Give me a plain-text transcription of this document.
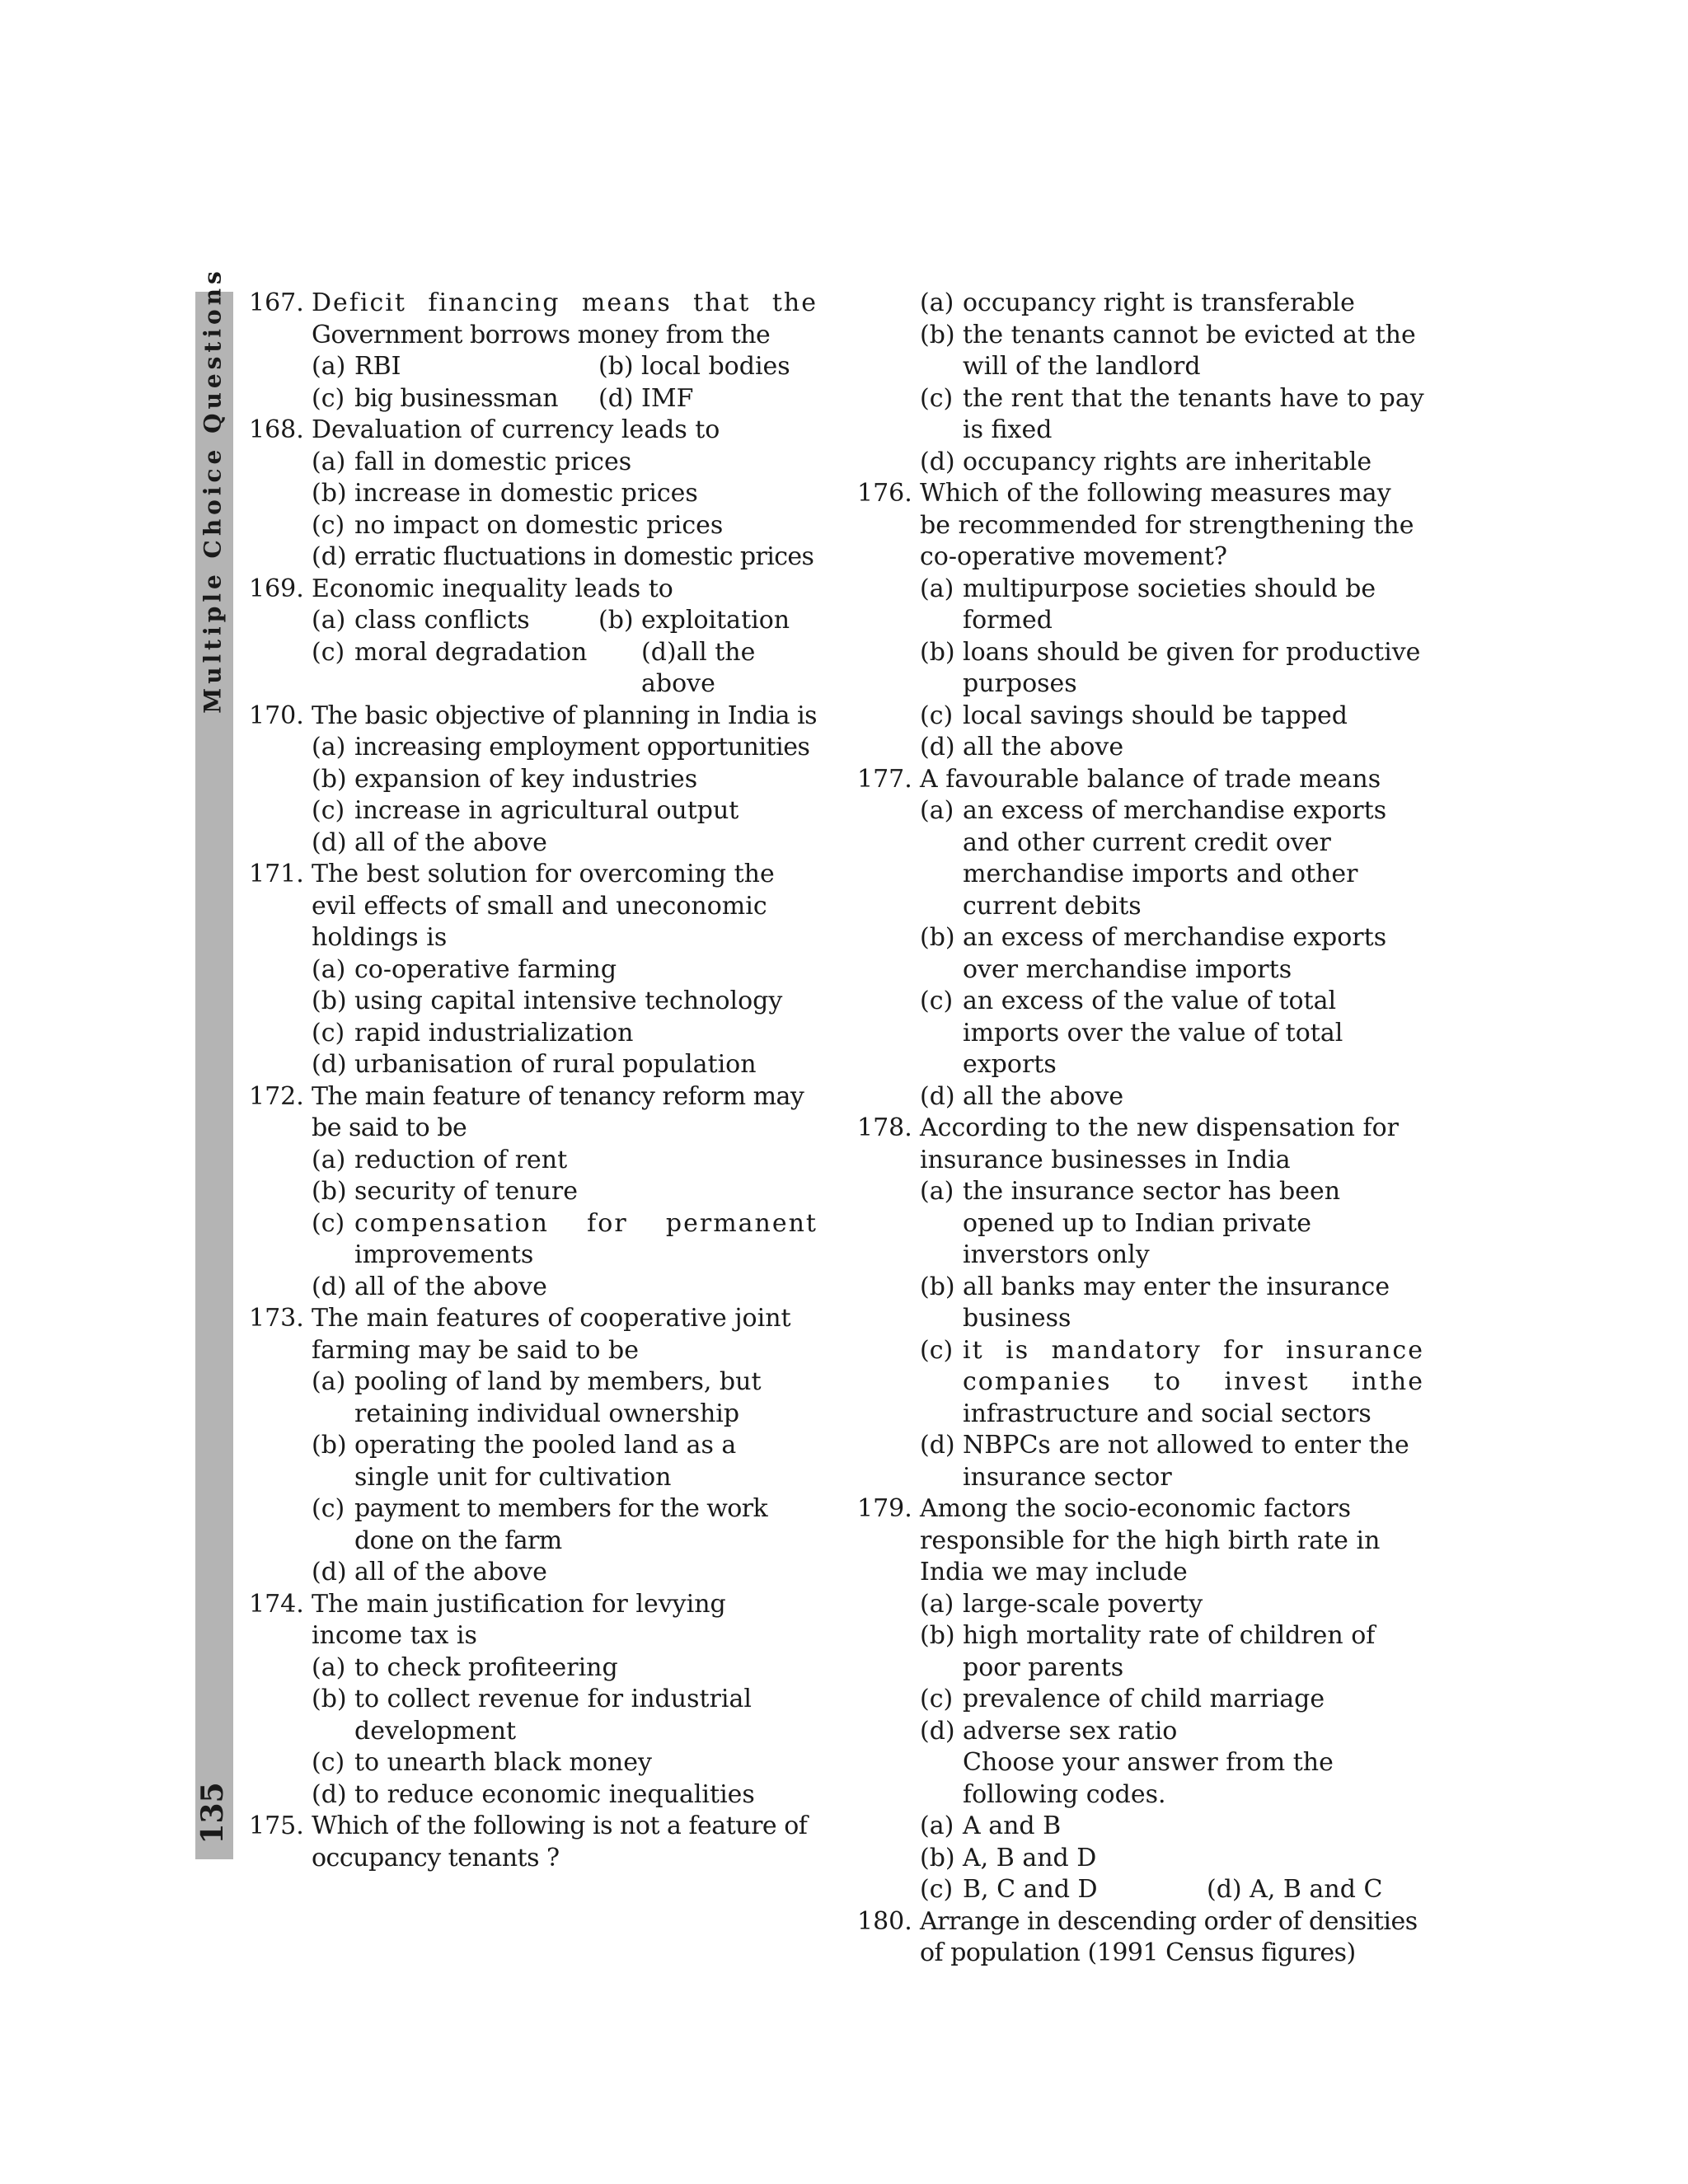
Multiple Choice Questions
135
167. Deficit financing means that the
Government borrows money from the
(a) RBI	(b) local bodies
(c) big businessman	(d) IMF
168. Devaluation of currency leads to
(a) fall in domestic prices
(b) increase in domestic prices
(c) no impact on domestic prices
(d) erratic fluctuations in domestic prices
169. Economic inequality leads to
(a) class conflicts	(b) exploitation
(c) moral degradation	(d)all the above
170. The basic objective of planning in India is
(a) increasing employment opportunities
(b) expansion of key industries
(c) increase in agricultural output
(d) all of the above
171. The best solution for overcoming the evil effects of small and uneconomic holdings is
(a) co-operative farming
(b) using capital intensive technology
(c) rapid industrialization
(d) urbanisation of rural population
172. The main feature of tenancy reform may be said to be
(a) reduction of rent
(b) security of tenure
(c) compensation for permanent
improvements
(d) all of the above
173. The main features of cooperative joint farming may be said to be
(a) pooling of land by members, but retaining individual ownership
(b) operating the pooled land as a single unit for cultivation
(c) payment to members for the work done on the farm
(d) all of the above
174. The main justification for levying income tax is
(a) to check profiteering
(b) to collect revenue for industrial development
(c) to unearth black money
(d) to reduce economic inequalities
175. Which of the following is not a feature of occupancy tenants ?
(a) occupancy right is transferable
(b) the tenants cannot be evicted at the will of the landlord
(c) the rent that the tenants have to pay is fixed
(d) occupancy rights are inheritable
176. Which of the following measures may be recommended for strengthening the co-operative movement?
(a) multipurpose societies should be formed
(b) loans should be given for productive purposes
(c) local savings should be tapped
(d) all the above
177. A favourable balance of trade means
(a) an excess of merchandise exports and other current credit over merchandise imports and other current debits
(b) an excess of merchandise exports over merchandise imports
(c) an excess of the value of total imports over the value of total exports
(d) all the above
178. According to the new dispensation for insurance businesses in India
(a) the insurance sector has been opened up to Indian private inverstors only
(b) all banks may enter the insurance business
(c) it is mandatory for insurance
companies to invest inthe
infrastructure and social sectors
(d) NBPCs are not allowed to enter the insurance sector
179. Among the socio-economic factors responsible for the high birth rate in India we may include
(a) large-scale poverty
(b) high mortality rate of children of poor parents
(c) prevalence of child marriage
(d) adverse sex ratio
Choose your answer from the following codes.
(a) A and B
(b) A, B and D
(c) B, C and D	(d) A, B and C
180. Arrange in descending order of densities of population (1991 Census figures)
